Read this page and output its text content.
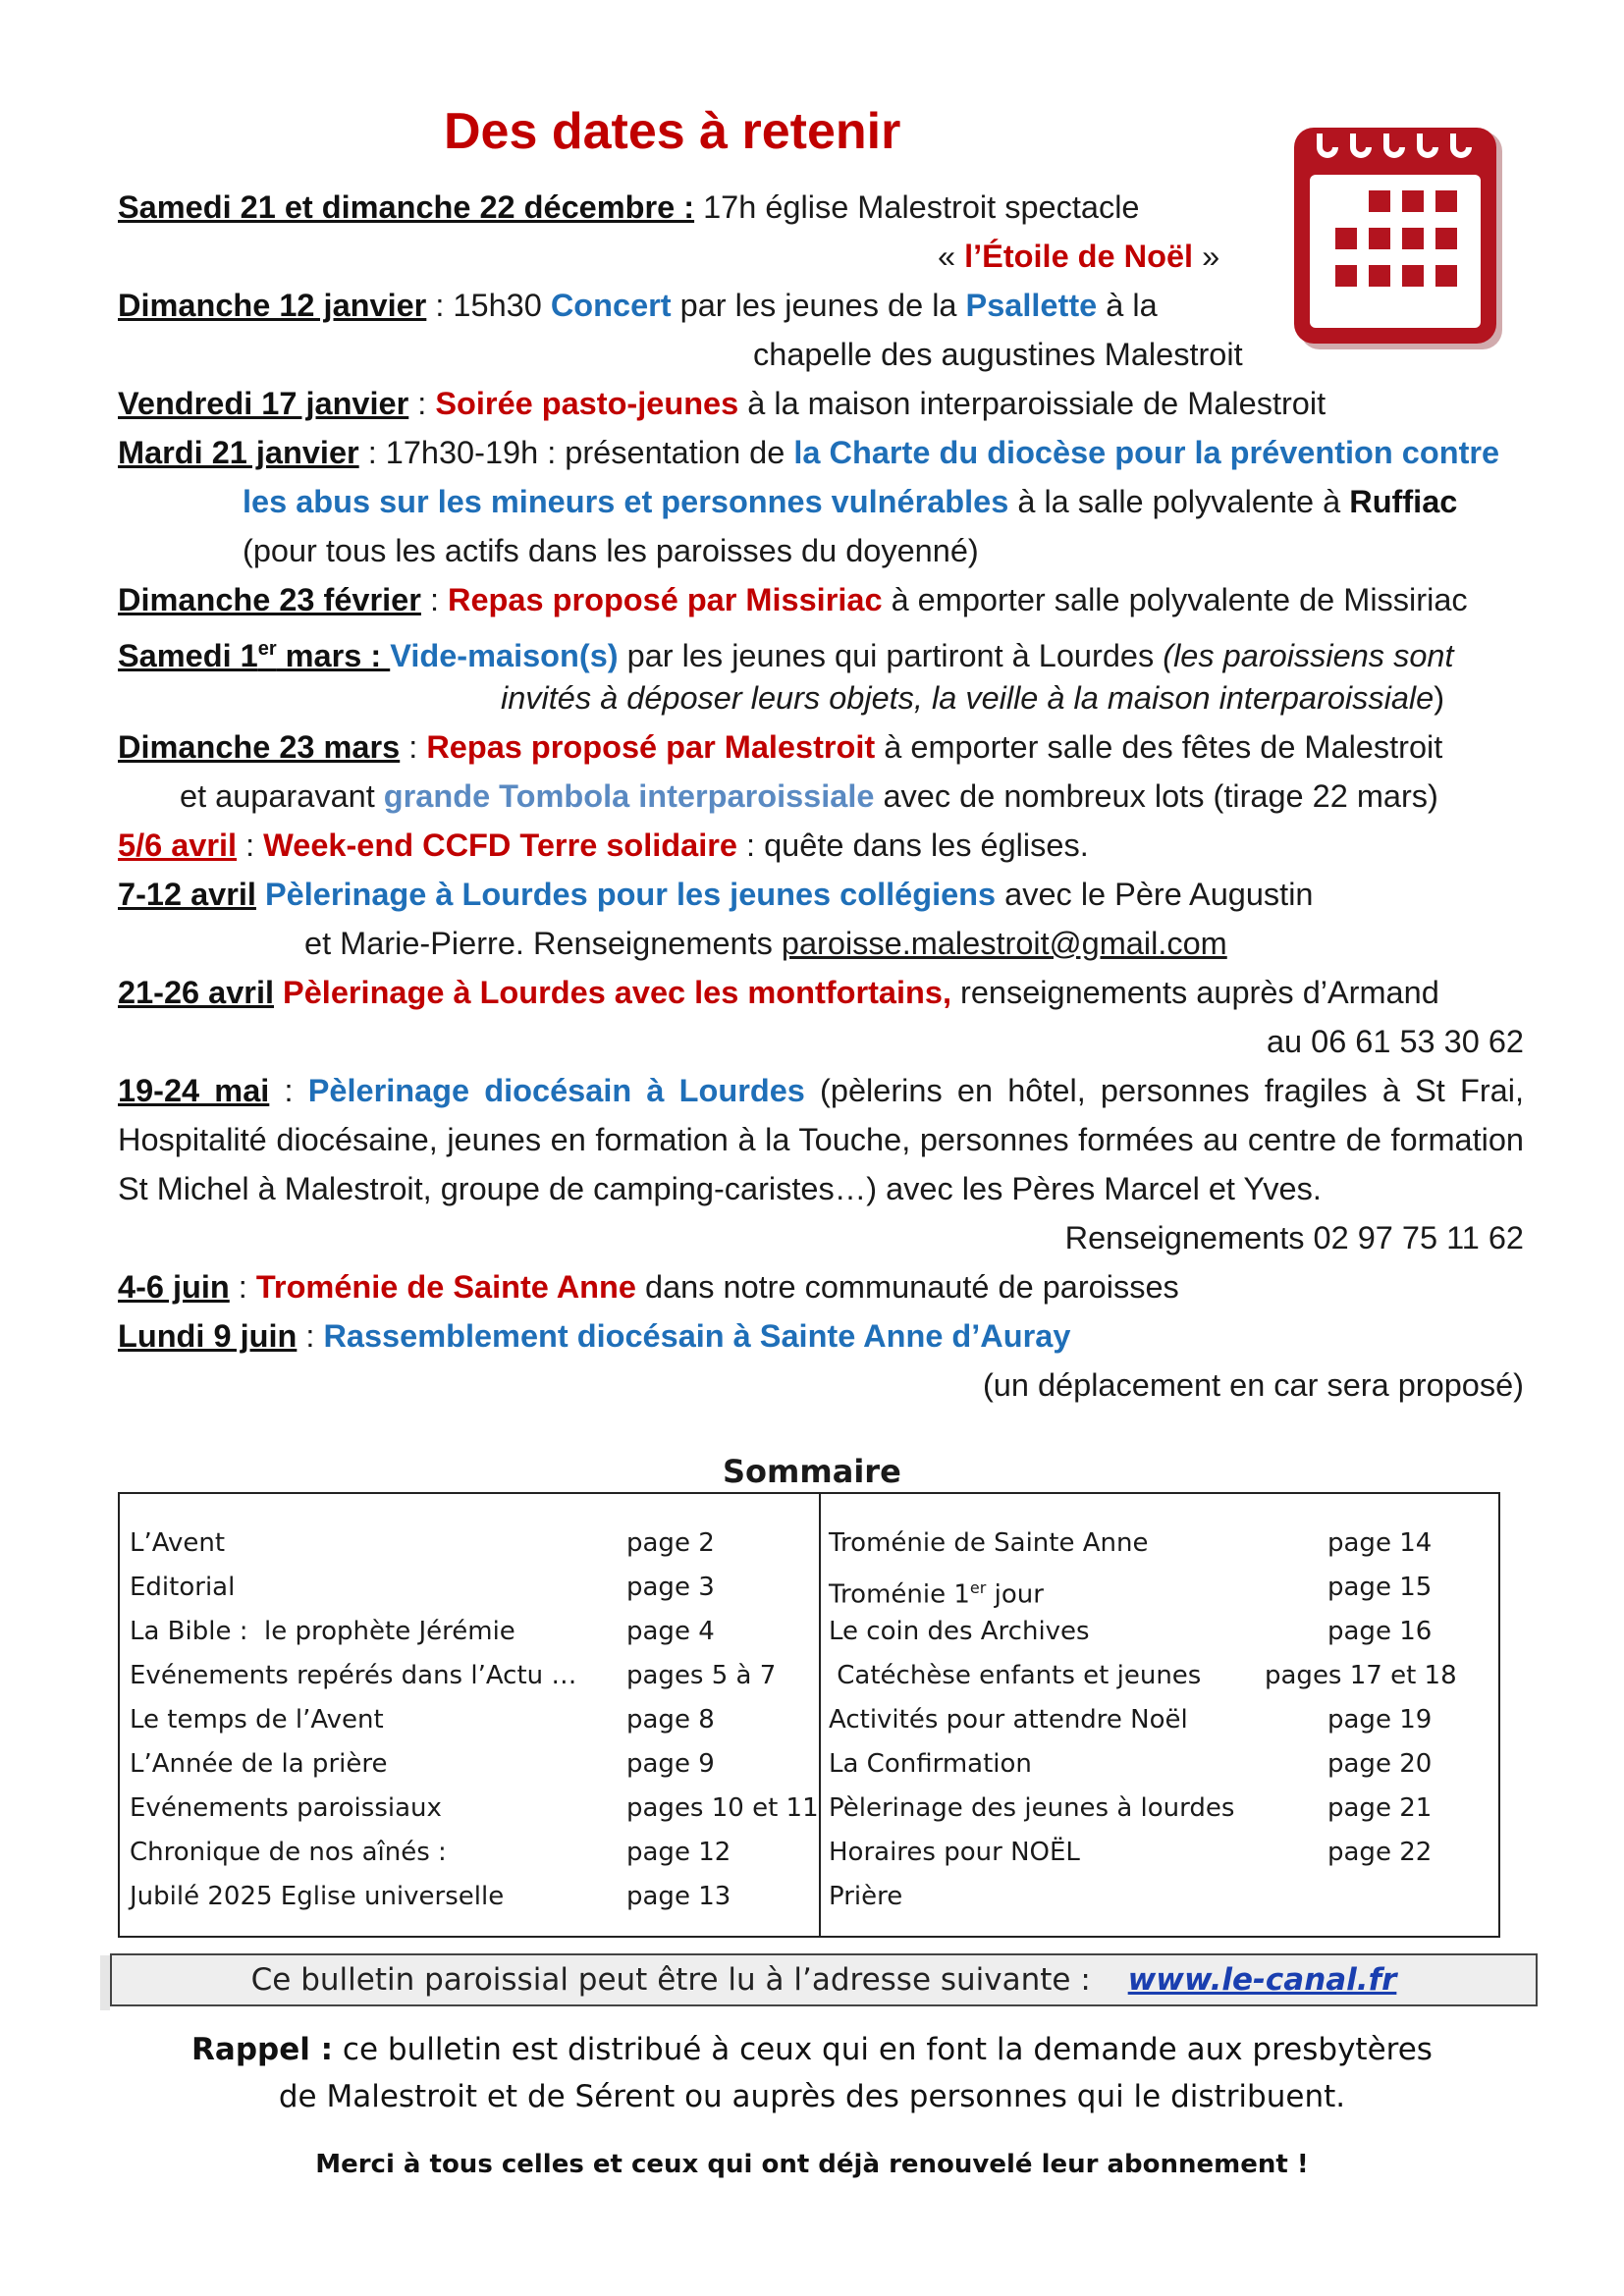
Des dates à retenir
Samedi 21 et dimanche 22 décembre : 17h église Malestroit spectacle
« l’Étoile de Noël »
Dimanche 12 janvier : 15h30 Concert par les jeunes de la Psallette à la
chapelle des augustines Malestroit
Vendredi 17 janvier : Soirée pasto-jeunes à la maison interparoissiale de Malestroit
Mardi 21 janvier : 17h30-19h : présentation de la Charte du diocèse pour la prévention contre
les abus sur les mineurs et personnes vulnérables à la salle polyvalente à Ruffiac
(pour tous les actifs dans les paroisses du doyenné)
Dimanche 23 février : Repas proposé par Missiriac à emporter salle polyvalente de Missiriac
Samedi 1er mars : Vide-maison(s) par les jeunes qui partiront à Lourdes (les paroissiens sont
invités à déposer leurs objets, la veille à la maison interparoissiale)
Dimanche 23 mars : Repas proposé par Malestroit à emporter salle des fêtes de Malestroit
et auparavant grande Tombola interparoissiale avec de nombreux lots (tirage 22 mars)
5/6 avril : Week-end CCFD Terre solidaire : quête dans les églises.
7-12 avril Pèlerinage à Lourdes pour les jeunes collégiens avec le Père Augustin
et Marie-Pierre. Renseignements paroisse.malestroit@gmail.com
21-26 avril Pèlerinage à Lourdes avec les montfortains, renseignements auprès d’Armand
au 06 61 53 30 62
19-24 mai : Pèlerinage diocésain à Lourdes (pèlerins en hôtel, personnes fragiles à St Frai, Hospitalité diocésaine, jeunes en formation à la Touche, personnes formées au centre de formation St Michel à Malestroit, groupe de camping-caristes…) avec les Pères Marcel et Yves.
Renseignements 02 97 75 11 62
4-6 juin : Troménie de Sainte Anne dans notre communauté de paroisses
Lundi 9 juin : Rassemblement diocésain à Sainte Anne d’Auray
(un déplacement en car sera proposé)
Sommaire
L’Avent	page 2
Editorial	page 3
La Bible :  le prophète Jérémie	page 4
Evénements repérés dans l’Actu … pages 5 à 7
Le temps de l’Avent	page 8
L’Année de la prière	page 9
Evénements paroissiaux	pages 10 et 11
Chronique de nos aînés :	page 12
Jubilé 2025 Eglise universelle	page 13
Troménie de Sainte Anne	page 14
Troménie 1er jour	page 15
Le coin des Archives	page 16
Catéchèse enfants et jeunes pages 17 et 18
Activités pour attendre Noël	page 19
La Confirmation	page 20
Pèlerinage des jeunes à lourdes	page 21
Horaires pour NOËL	page 22
Prière
Ce bulletin paroissial peut être lu à l’adresse suivante : www.le-canal.fr
Rappel : ce bulletin est distribué à ceux qui en font la demande aux presbytères
de Malestroit et de Sérent ou auprès des personnes qui le distribuent.
Merci à tous celles et ceux qui ont déjà renouvelé leur abonnement !
